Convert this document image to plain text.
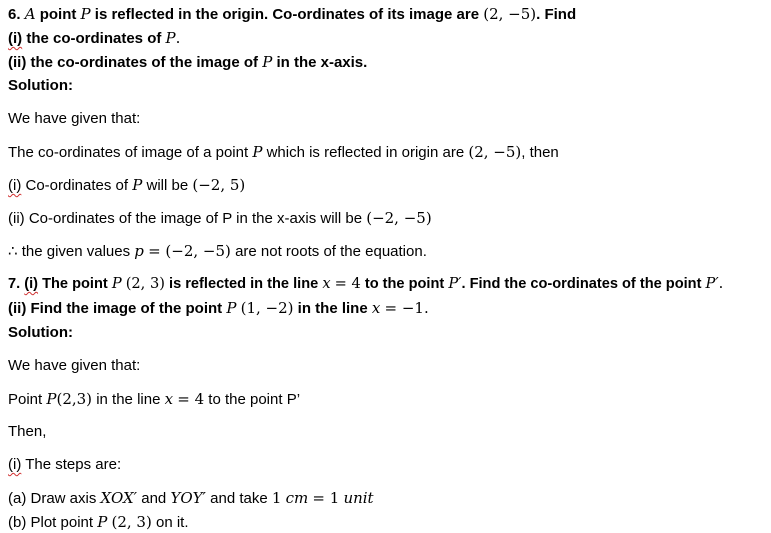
6. A point P is reflected in the origin. Co-ordinates of its image are (2, −5). Find
(i) the co-ordinates of P.
(ii) the co-ordinates of the image of P in the x-axis.
Solution:
We have given that:
The co-ordinates of image of a point P which is reflected in origin are (2, −5), then
(i) Co-ordinates of P will be (−2, 5)
(ii) Co-ordinates of the image of P in the x-axis will be (−2, −5)
∴ the given values p = (−2, −5) are not roots of the equation.
7. (i) The point P (2, 3) is reflected in the line x = 4 to the point P′. Find the co-ordinates of the point P′.
(ii) Find the image of the point P (1, −2) in the line x = −1.
Solution:
We have given that:
Point P(2,3) in the line x = 4 to the point P’
Then,
(i) The steps are:
(a) Draw axis XOX′ and YOY′ and take 1 cm = 1 unit
(b) Plot point P (2, 3) on it.
